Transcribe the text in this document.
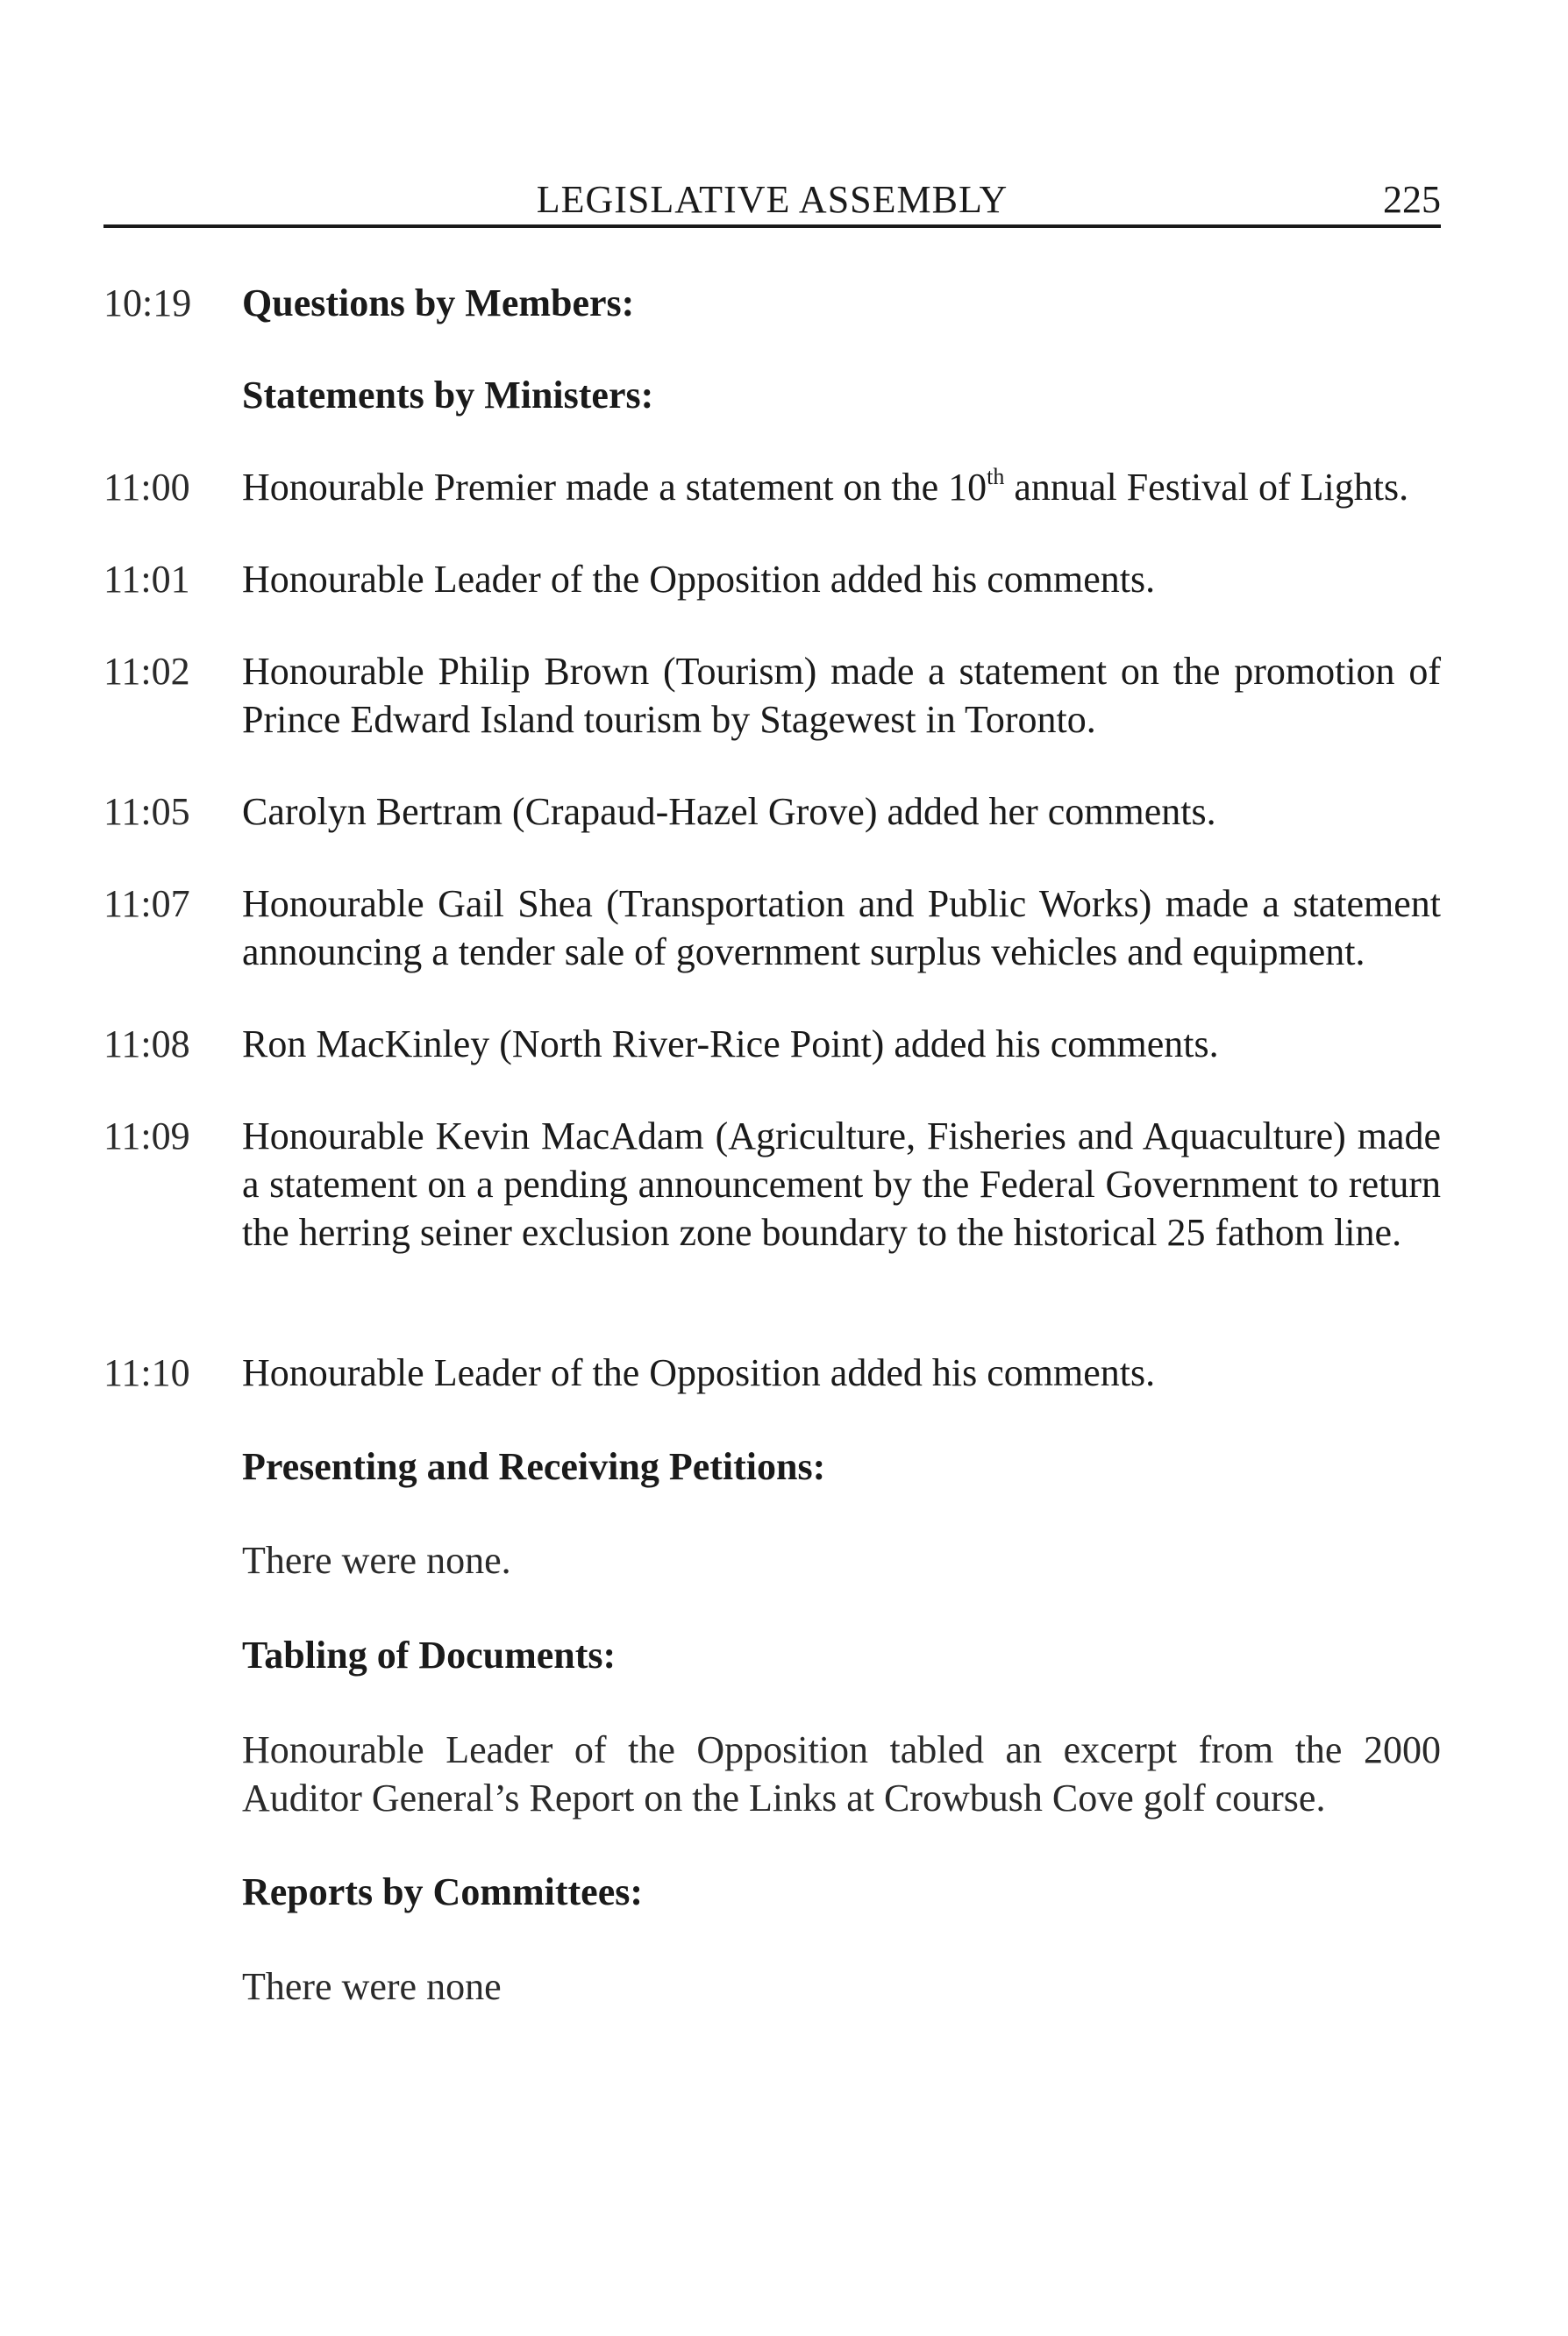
LEGISLATIVE ASSEMBLY	225
10:19	Questions by Members:
Statements by Ministers:
11:00	Honourable Premier made a statement on the 10th annual Festival of Lights.
11:01	Honourable Leader of the Opposition added his comments.
11:02	Honourable Philip Brown (Tourism) made a statement on the promotion of Prince Edward Island tourism by Stagewest in Toronto.
11:05	Carolyn Bertram (Crapaud-Hazel Grove) added her comments.
11:07	Honourable Gail Shea (Transportation and Public Works) made a statement announcing a tender sale of government surplus vehicles and equipment.
11:08	Ron MacKinley (North River-Rice Point) added his comments.
11:09	Honourable Kevin MacAdam (Agriculture, Fisheries and Aquaculture) made a statement on a pending announcement by the Federal Government to return the herring seiner exclusion zone boundary to the historical 25 fathom line.
11:10	Honourable Leader of the Opposition added his comments.
Presenting and Receiving Petitions:
There were none.
Tabling of Documents:
Honourable Leader of the Opposition tabled an excerpt from the 2000 Auditor General’s Report on the Links at Crowbush Cove golf course.
Reports by Committees:
There were none
